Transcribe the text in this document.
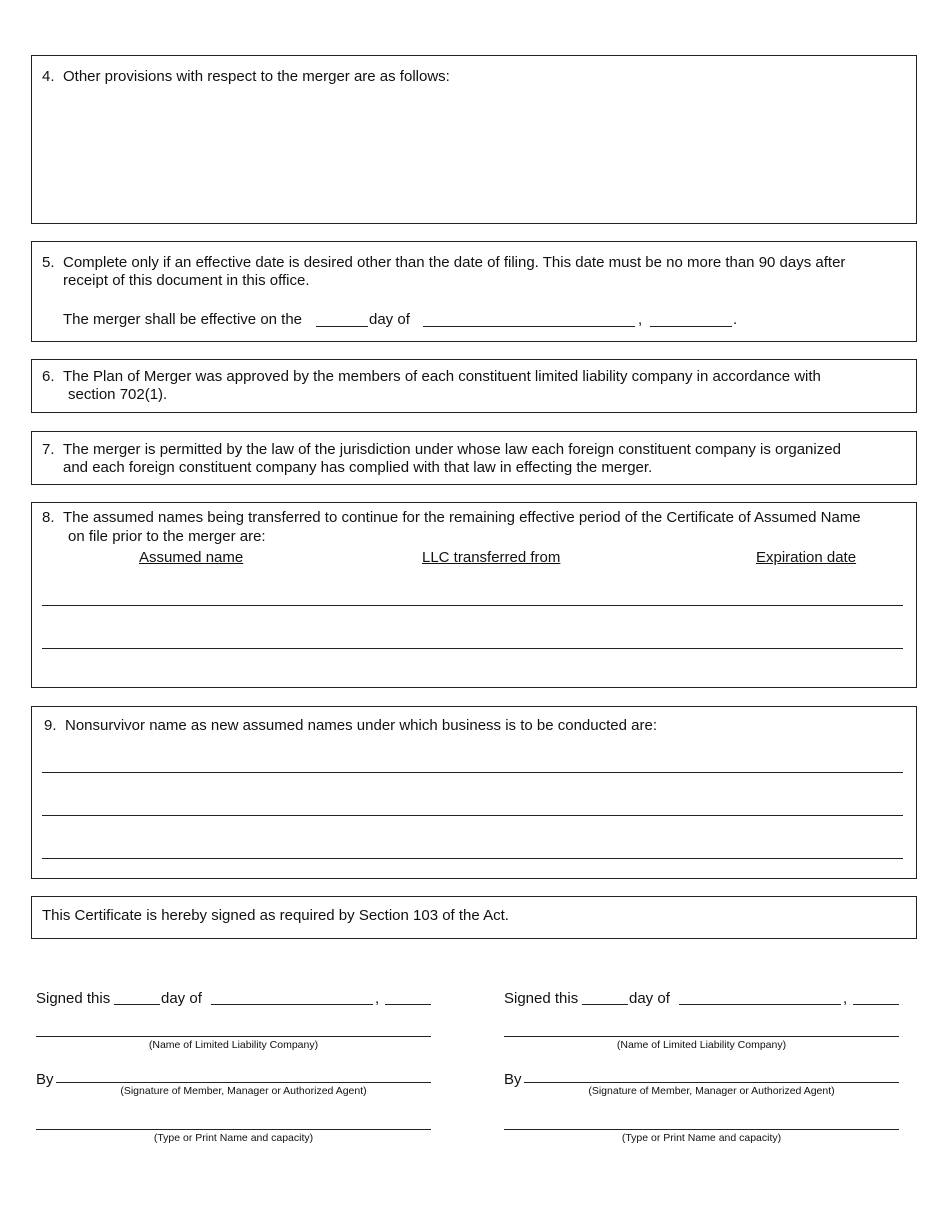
4. Other provisions with respect to the merger are as follows:
5. Complete only if an effective date is desired other than the date of filing. This date must be no more than 90 days after
receipt of this document in this office.
The merger shall be effective on the	day of	,	.
6. The Plan of Merger was approved by the members of each constituent limited liability company in accordance with
section 702(1).
7. The merger is permitted by the law of the jurisdiction under whose law each foreign constituent company is organized
and each foreign constituent company has complied with that law in effecting the merger.
8. The assumed names being transferred to continue for the remaining effective period of the Certificate of Assumed Name
on file prior to the merger are:
Assumed name	LLC transferred from	Expiration date
9. Nonsurvivor name as new assumed names under which business is to be conducted are:
This Certificate is hereby signed as required by Section 103 of the Act.
Signed this	day of	,
(Name of Limited Liability Company)
By
(Signature of Member, Manager or Authorized Agent)
(Type or Print Name and capacity)
Signed this	day of	,
(Name of Limited Liability Company)
By
(Signature of Member, Manager or Authorized Agent)
(Type or Print Name and capacity)
